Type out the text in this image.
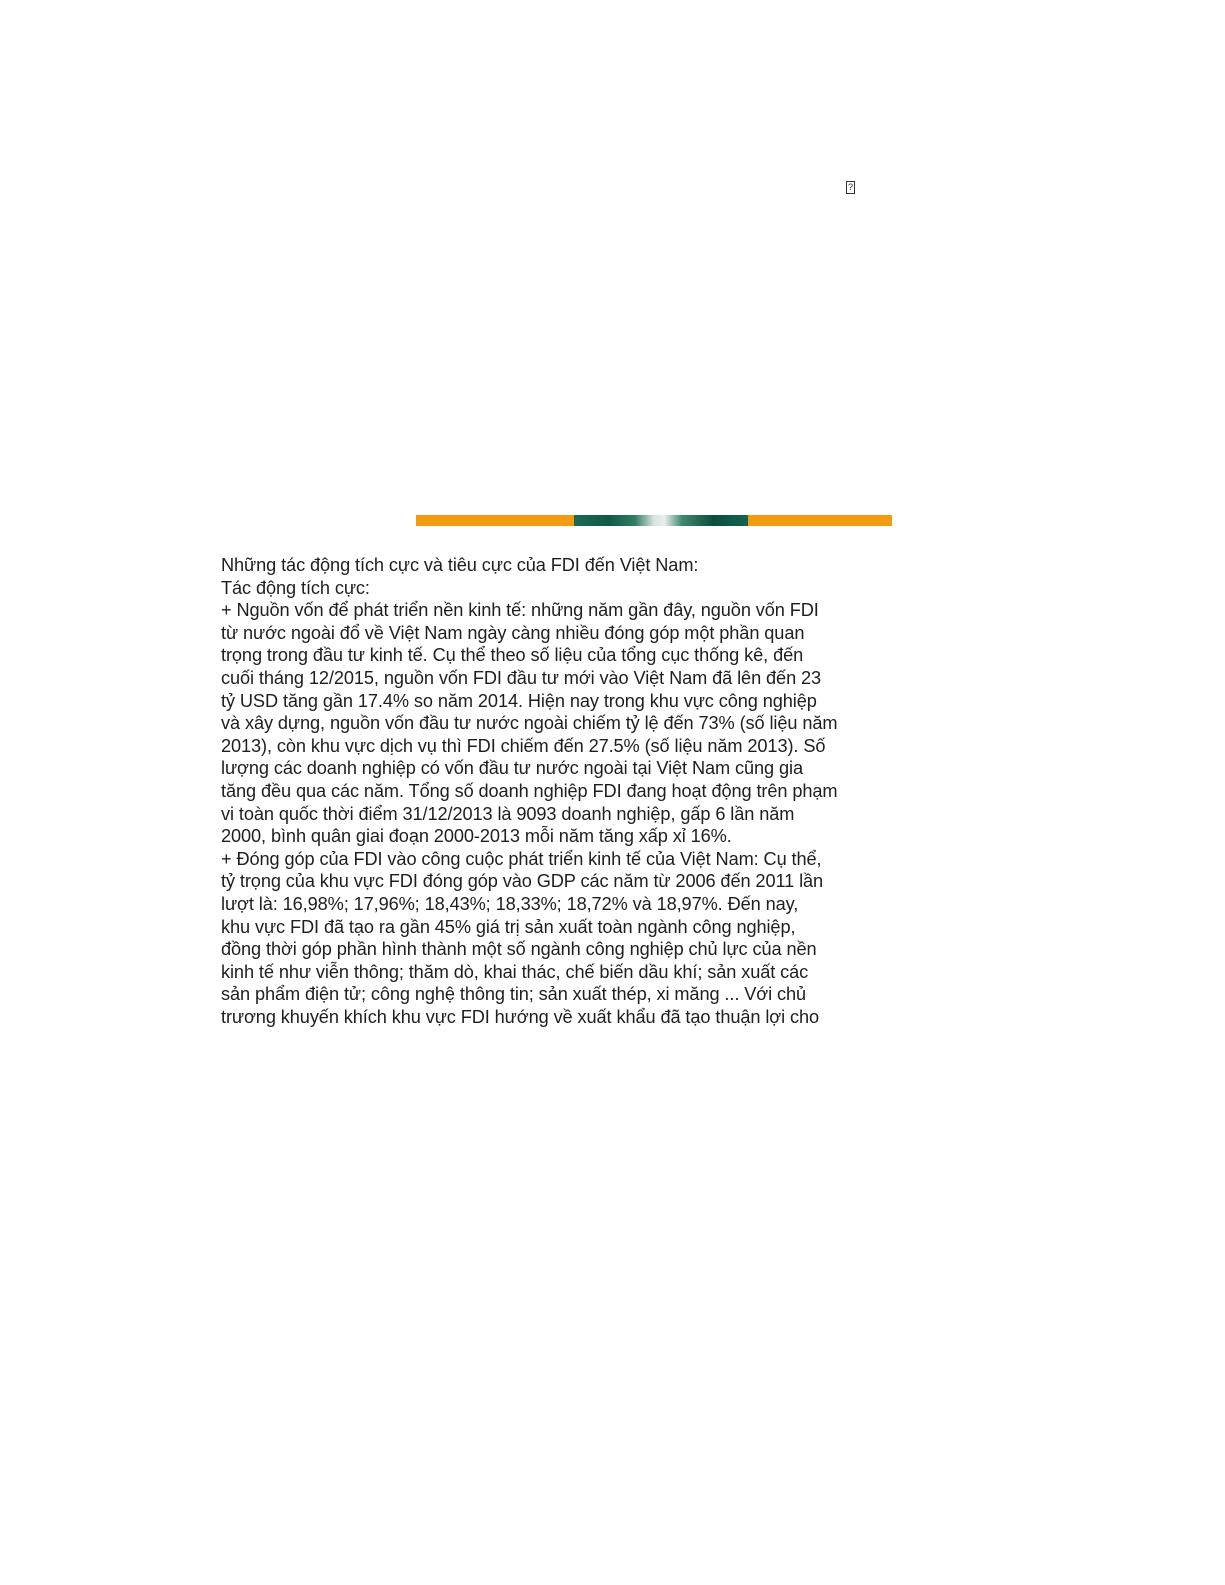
?
Những tác động tích cực và tiêu cực của FDI đến Việt Nam:
Tác động tích cực:
+ Nguồn vốn để phát triển nền kinh tế: những năm gần đây, nguồn vốn FDI
từ nước ngoài đổ về Việt Nam ngày càng nhiều đóng góp một phần quan
trọng trong đầu tư kinh tế. Cụ thể theo số liệu của tổng cục thống kê, đến
cuối tháng 12/2015, nguồn vốn FDI đầu tư mới vào Việt Nam đã lên đến 23
tỷ USD tăng gần 17.4% so năm 2014. Hiện nay trong khu vực công nghiệp
và xây dựng, nguồn vốn đầu tư nước ngoài chiếm tỷ lệ đến 73% (số liệu năm
2013), còn khu vực dịch vụ thì FDI chiếm đến 27.5% (số liệu năm 2013). Số
lượng các doanh nghiệp có vốn đầu tư nước ngoài tại Việt Nam cũng gia
tăng đều qua các năm. Tổng số doanh nghiệp FDI đang hoạt động trên phạm
vi toàn quốc thời điểm 31/12/2013 là 9093 doanh nghiệp, gấp 6 lần năm
2000, bình quân giai đoạn 2000-2013 mỗi năm tăng xấp xỉ 16%.
+ Đóng góp của FDI vào công cuộc phát triển kinh tế của Việt Nam: Cụ thể,
tỷ trọng của khu vực FDI đóng góp vào GDP các năm từ 2006 đến 2011 lần
lượt là: 16,98%; 17,96%; 18,43%; 18,33%; 18,72% và 18,97%. Đến nay,
khu vực FDI đã tạo ra gần 45% giá trị sản xuất toàn ngành công nghiệp,
đồng thời góp phần hình thành một số ngành công nghiệp chủ lực của nền
kinh tế như viễn thông; thăm dò, khai thác, chế biến dầu khí; sản xuất các
sản phẩm điện tử; công nghệ thông tin; sản xuất thép, xi măng ... Với chủ
trương khuyến khích khu vực FDI hướng về xuất khẩu đã tạo thuận lợi cho
